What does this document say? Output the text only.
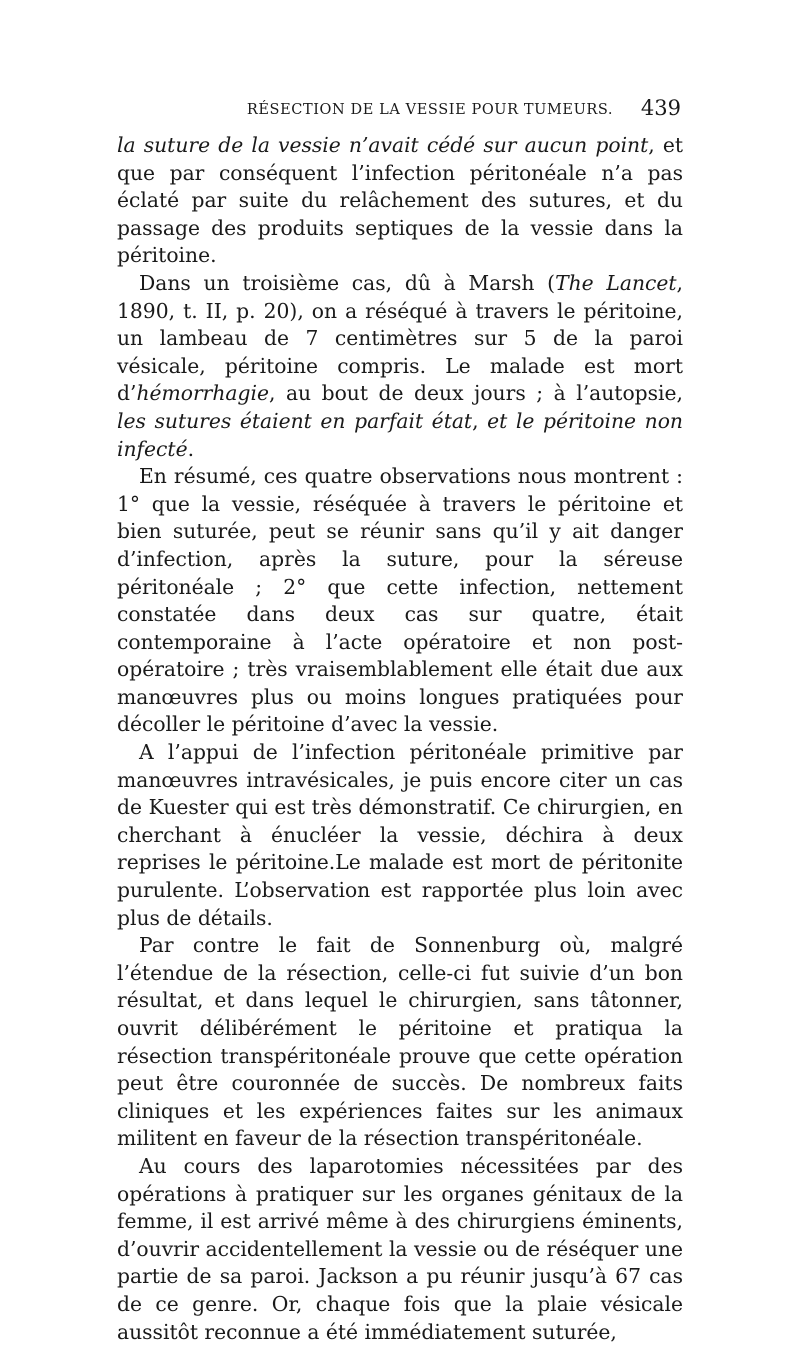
RÉSECTION DE LA VESSIE POUR TUMEURS.	439

la suture de la vessie n’avait cédé sur aucun point, et que par conséquent l’infection péritonéale n’a pas éclaté par suite du relâchement des sutures, et du passage des produits septiques de la vessie dans la péritoine.

Dans un troisième cas, dû à Marsh (The Lancet, 1890, t. II, p. 20), on a réséqué à travers le péritoine, un lambeau de 7 centimètres sur 5 de la paroi vésicale, péritoine compris. Le malade est mort d’hémorrhagie, au bout de deux jours ; à l’autopsie, les sutures étaient en parfait état, et le péritoine non infecté.

En résumé, ces quatre observations nous montrent : 1° que la vessie, réséquée à travers le péritoine et bien suturée, peut se réunir sans qu’il y ait danger d’infection, après la suture, pour la séreuse péritonéale ; 2° que cette infection, nettement constatée dans deux cas sur quatre, était contemporaine à l’acte opératoire et non post-opératoire ; très vraisemblablement elle était due aux manœuvres plus ou moins longues pratiquées pour décoller le péritoine d’avec la vessie.

A l’appui de l’infection péritonéale primitive par manœuvres intravésicales, je puis encore citer un cas de Kuester qui est très démonstratif. Ce chirurgien, en cherchant à énucléer la vessie, déchira à deux reprises le péritoine.Le malade est mort de péritonite purulente. L’observation est rapportée plus loin avec plus de détails.

Par contre le fait de Sonnenburg où, malgré l’étendue de la résection, celle-ci fut suivie d’un bon résultat, et dans lequel le chirurgien, sans tâtonner, ouvrit délibérément le péritoine et pratiqua la résection transpéritonéale prouve que cette opération peut être couronnée de succès. De nombreux faits cliniques et les expériences faites sur les animaux militent en faveur de la résection transpéritonéale.

Au cours des laparotomies nécessitées par des opérations à pratiquer sur les organes génitaux de la femme, il est arrivé même à des chirurgiens éminents, d’ouvrir accidentellement la vessie ou de réséquer une partie de sa paroi. Jackson a pu réunir jusqu’à 67 cas de ce genre. Or, chaque fois que la plaie vésicale aussitôt reconnue a été immédiatement suturée,
